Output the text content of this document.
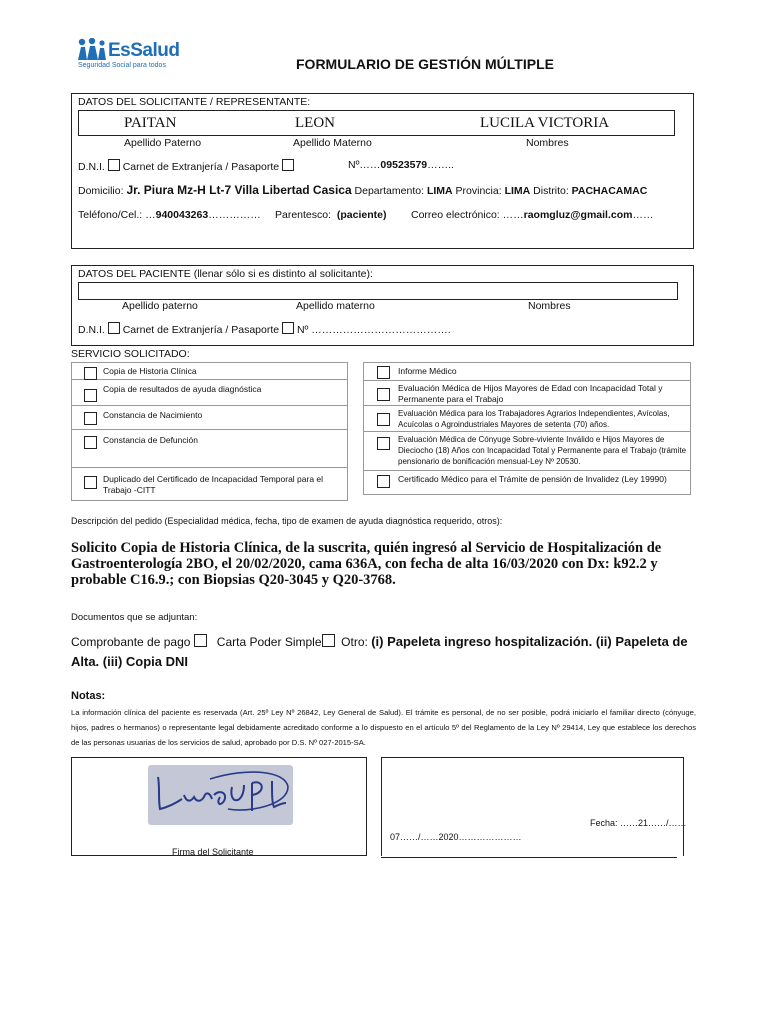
EsSalud
Seguridad Social para todos	FORMULARIO DE GESTIÓN MÚLTIPLE
DATOS DEL SOLICITANTE / REPRESENTANTE:
PAITAN	LEON	LUCILA VICTORIA
Apellido Paterno	Apellido Materno	Nombres
D.N.I. Carnet de Extranjería / Pasaporte	Nº……09523579……..
Domicilio: Jr. Piura Mz-H Lt-7 Villa Libertad Casica Departamento: LIMA Provincia: LIMA Distrito: PACHACAMAC
Teléfono/Cel.: …940043263…………… Parentesco: (paciente) Correo electrónico: ……raomgluz@gmail.com……
DATOS DEL PACIENTE (llenar sólo si es distinto al solicitante):
Apellido paterno	Apellido materno	Nombres
D.N.I. Carnet de Extranjería / Pasaporte Nº ………………………………….
SERVICIO SOLICITADO:
Copia de Historia Clínica
Copia de resultados de ayuda diagnóstica
Constancia de Nacimiento
Constancia de Defunción
Duplicado del Certificado de Incapacidad Temporal para el Trabajo -CITT
Informe Médico
Evaluación Médica de Hijos Mayores de Edad con Incapacidad Total y Permanente para el Trabajo
Evaluación Médica para los Trabajadores Agrarios Independientes, Avícolas, Acuícolas o Agroindustriales Mayores de setenta (70) años.
Evaluación Médica de Cónyuge Sobre-viviente Inválido e Hijos Mayores de Dieciocho (18) Años con Incapacidad Total y Permanente para el Trabajo (trámite pensionario de bonificación mensual-Ley Nº 20530.
Certificado Médico para el Trámite de pensión de Invalidez (Ley 19990)
Descripción del pedido (Especialidad médica, fecha, tipo de examen de ayuda diagnóstica requerido, otros):
Solicito Copia de Historia Clínica, de la suscrita, quién ingresó al Servicio de Hospitalización de Gastroenterología 2BO, el 20/02/2020, cama 636A, con fecha de alta 16/03/2020 con Dx: k92.2 y probable C16.9.; con Biopsias Q20-3045 y Q20-3768.
Documentos que se adjuntan:
Comprobante de pago Carta Poder Simple Otro: (i) Papeleta ingreso hospitalización. (ii) Papeleta de
Alta. (iii) Copia DNI
Notas:
La información clínica del paciente es reservada (Art. 25º Ley Nº 26842, Ley General de Salud). El trámite es personal, de no ser posible, podrá iniciarlo el familiar directo (cónyuge, hijos, padres o hermanos) o representante legal debidamente acreditado conforme a lo dispuesto en el artículo 5º del Reglamento de la Ley Nº 29414, Ley que establece los derechos de las personas usuarias de los servicios de salud, aprobado por D.S. Nº 027-2015-SA.
Firma del Solicitante
Fecha: ……21……/……
07……/……2020…………………
